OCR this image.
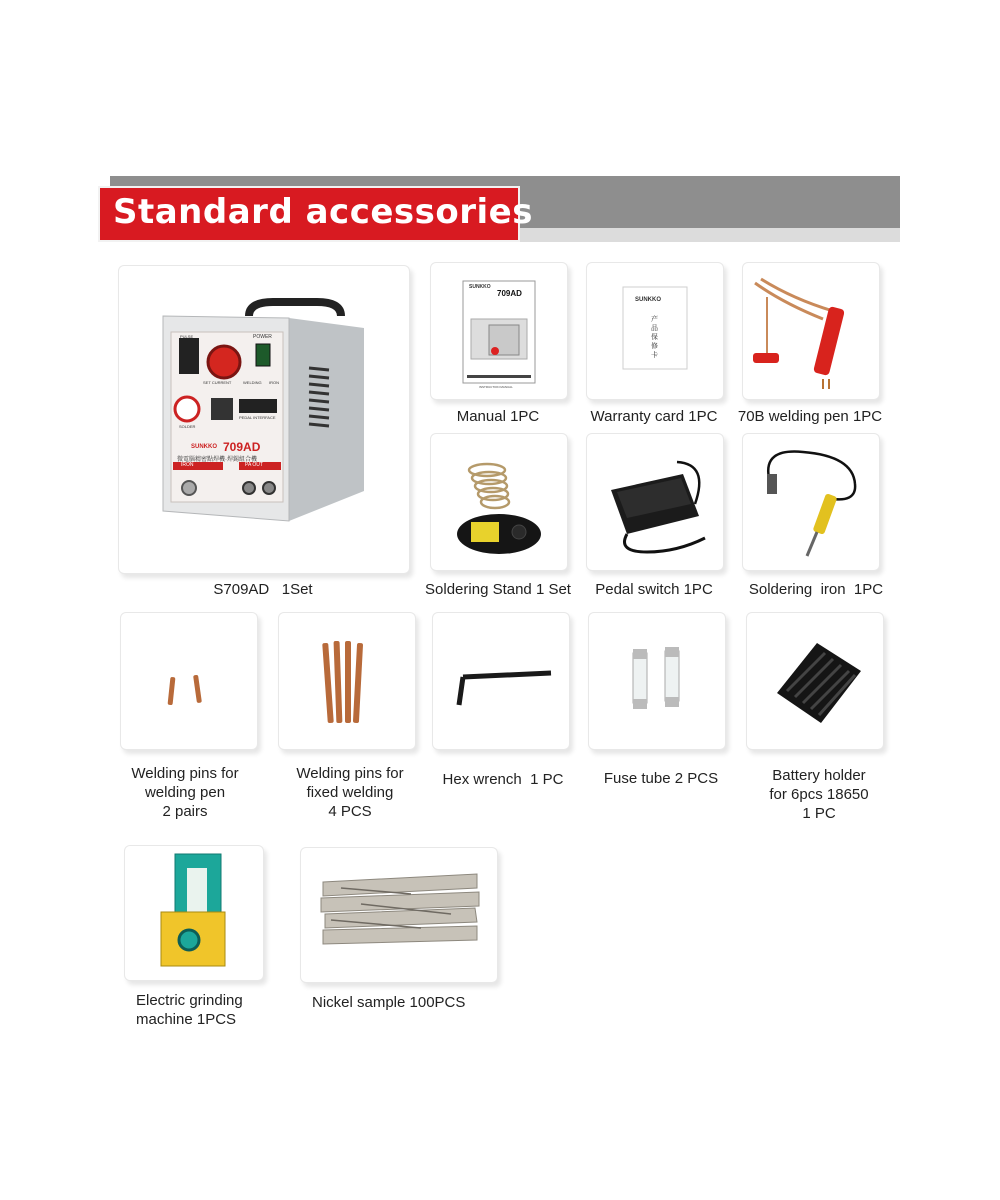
Standard accessories
POWER
PULSE
SET CURRENT	WELDING IRON
PEDAL INTERFACE
SOLDER
SUNKKO 709AD
微電腦精密點焊機·焊錫組合機
IRON	PA OUT
S709AD   1Set
SUNKKO
709AD
INSTRUCTION MANUAL
Manual 1PC
SUNKKO
产品保修卡
Warranty card 1PC	70B welding pen 1PC
Soldering Stand 1 Set	Pedal switch 1PC	Soldering  iron  1PC
Welding pins for
welding pen
2 pairs
Welding pins for
fixed welding
4 PCS
Hex wrench  1 PC	Fuse tube 2 PCS	Battery holder
for 6pcs 18650
1 PC
Electric grinding
machine 1PCS
Nickel sample 100PCS
